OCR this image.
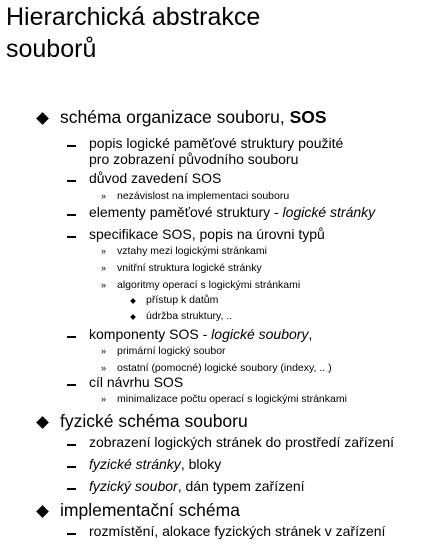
Hierarchická abstrakce
souborů
schéma organizace souboru, SOS
popis logické paměťové struktury použité
pro zobrazení původního souboru
důvod zavedení SOS
» nezávislost na implementaci souboru
elementy paměťové struktury - logické stránky
specifikace SOS, popis na úrovni typů
» vztahy mezi logickými stránkami
» vnitřní struktura logické stránky
» algoritmy operací s logickými stránkami
přístup k datům
údržba struktury, ..
komponenty SOS - logické soubory,
» primární logický soubor
» ostatní (pomocné) logické soubory (indexy, .. )
cíl návrhu SOS
» minimalizace počtu operací s logickými stránkami
fyzické schéma souboru
zobrazení logických stránek do prostředí zařízení
fyzické stránky, bloky
fyzický soubor, dán typem zařízení
implementační schéma
rozmístění, alokace fyzických stránek v zařízení
